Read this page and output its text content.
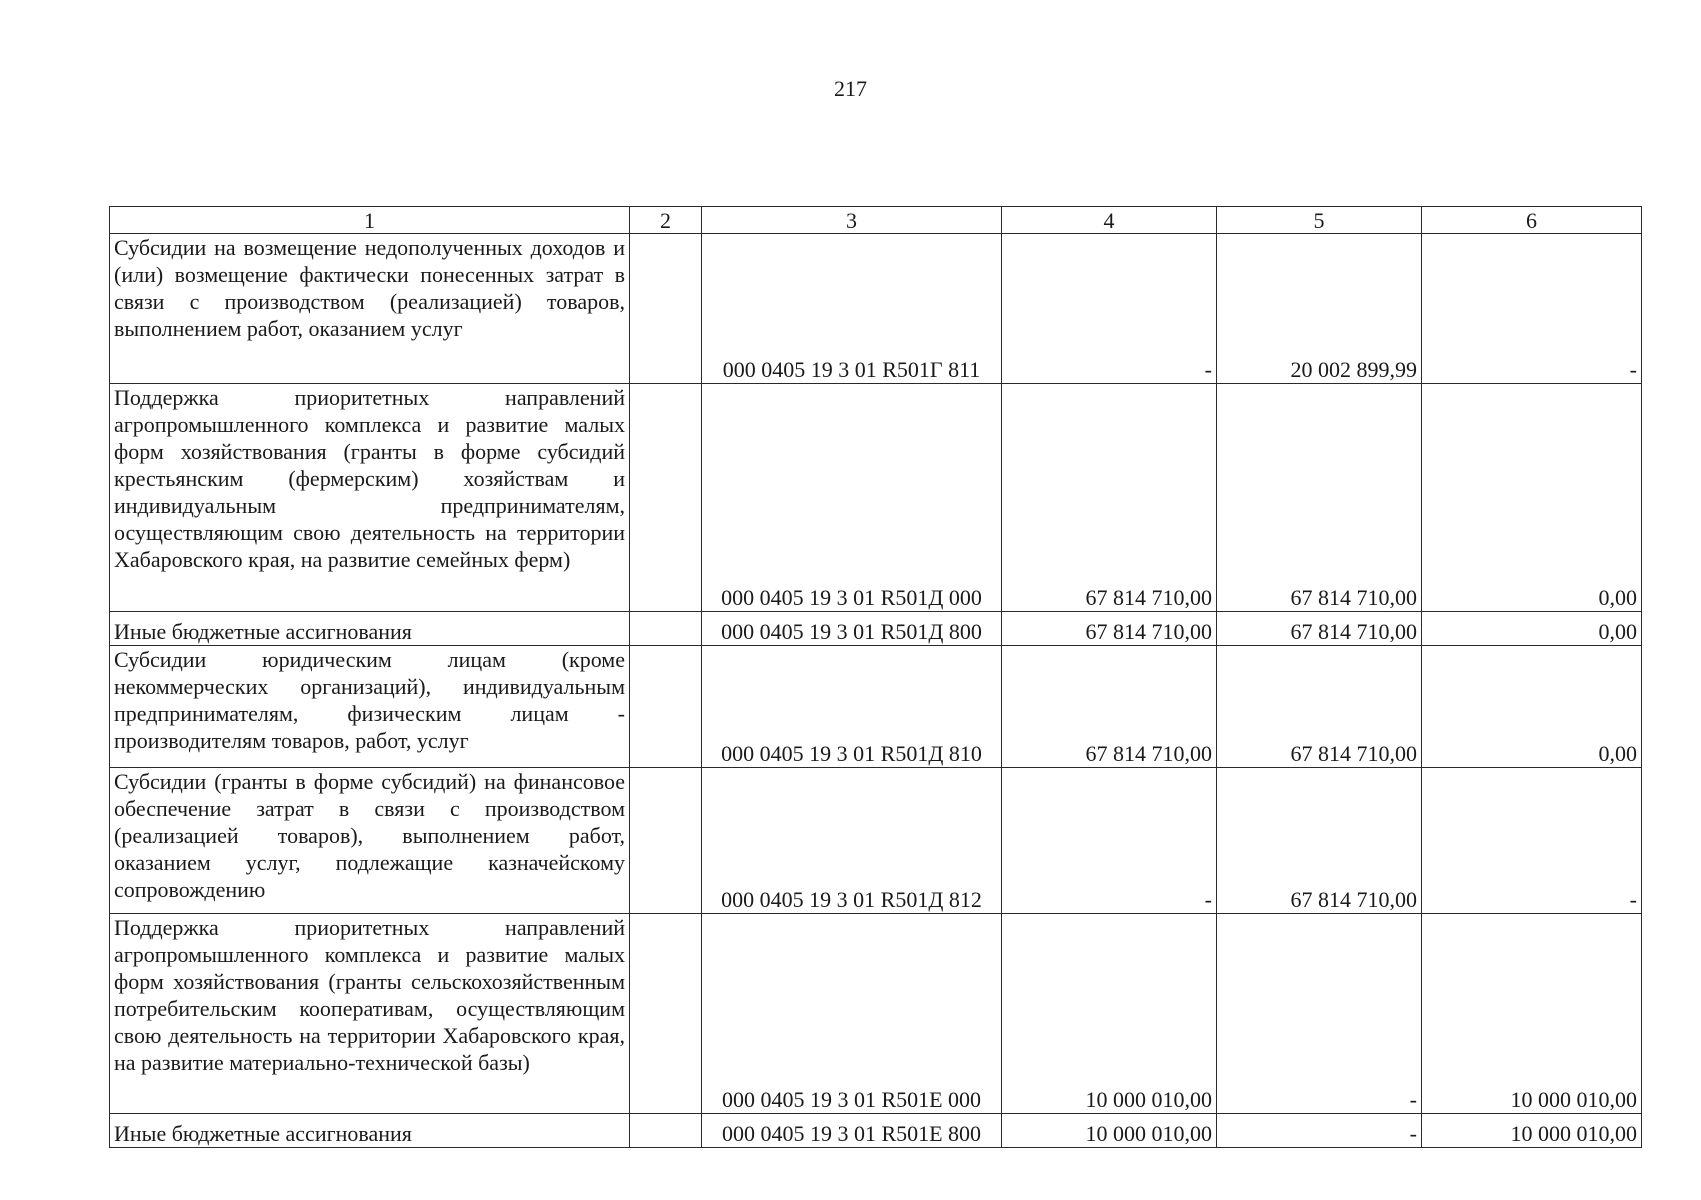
217
1	2	3	4	5	6
Субсидии на возмещение недополученных доходов и (или) возмещение фактически понесенных затрат в связи с производством (реализацией) товаров, выполнением работ, оказанием услуг		000 0405 19 3 01 R501Г 811	-	20 002 899,99	-
Поддержка приоритетных направлений агропромышленного комплекса и развитие малых форм хозяйствования (гранты в форме субсидий крестьянским (фермерским) хозяйствам и индивидуальным предпринимателям, осуществляющим свою деятельность на территории Хабаровского края, на развитие семейных ферм)		000 0405 19 3 01 R501Д 000	67 814 710,00	67 814 710,00	0,00
Иные бюджетные ассигнования		000 0405 19 3 01 R501Д 800	67 814 710,00	67 814 710,00	0,00
Субсидии юридическим лицам (кроме некоммерческих организаций), индивидуальным предпринимателям, физическим лицам - производителям товаров, работ, услуг		000 0405 19 3 01 R501Д 810	67 814 710,00	67 814 710,00	0,00
Субсидии (гранты в форме субсидий) на финансовое обеспечение затрат в связи с производством (реализацией товаров), выполнением работ, оказанием услуг, подлежащие казначейскому сопровождению		000 0405 19 3 01 R501Д 812	-	67 814 710,00	-
Поддержка приоритетных направлений агропромышленного комплекса и развитие малых форм хозяйствования (гранты сельскохозяйственным потребительским кооперативам, осуществляющим свою деятельность на территории Хабаровского края, на развитие материально-технической базы)		000 0405 19 3 01 R501Е 000	10 000 010,00	-	10 000 010,00
Иные бюджетные ассигнования		000 0405 19 3 01 R501Е 800	10 000 010,00	-	10 000 010,00
